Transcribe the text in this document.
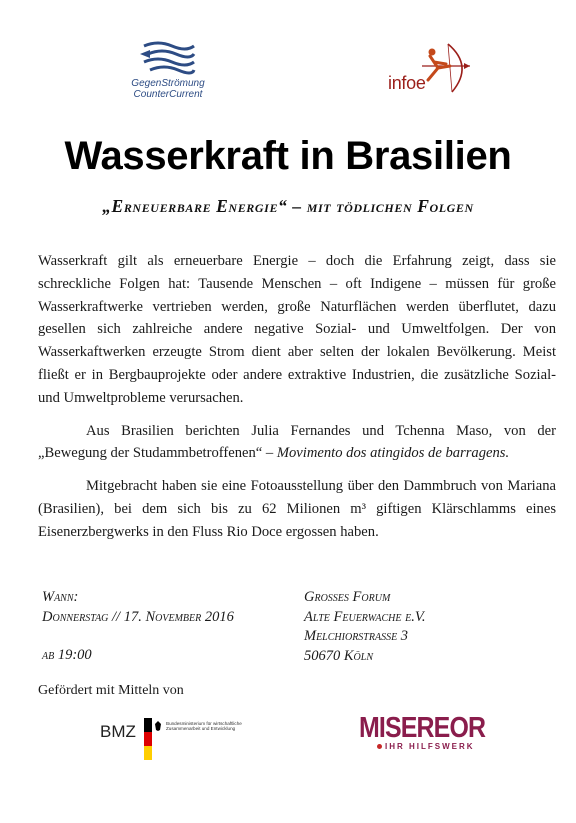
GegenStrömung
CounterCurrent
infoe
Wasserkraft in Brasilien
„Erneuerbare Energie“ – mit tödlichen Folgen

Wasserkraft gilt als erneuerbare Energie – doch die Erfahrung zeigt, dass sie schreckliche Folgen hat: Tausende Menschen – oft Indigene – müssen für große Wasserkraftwerke vertrieben werden, große Naturflächen werden überflutet, dazu gesellen sich zahlreiche andere negative Sozial- und Umweltfolgen. Der von Wasserkaftwerken erzeugte Strom dient aber selten der lokalen Bevölkerung. Meist fließt er in Bergbauprojekte oder andere extraktive Industrien, die zusätzliche Sozial- und Umweltprobleme verursachen.

Aus Brasilien berichten Julia Fernandes und Tchenna Maso, von der „Bewegung der Studammbetroffenen“ – Movimento dos atingidos de barragens.

Mitgebracht haben sie eine Fotoausstellung über den Dammbruch von Mariana (Brasilien), bei dem sich bis zu 62 Milionen m³ giftigen Klärschlamms eines Eisenerzbergwerks in den Fluss Rio Doce ergossen haben.

Wann:
Donnerstag // 17. November 2016
ab 19:00
Grosses Forum
Alte Feuerwache e.V.
Melchiorstrasse 3
50670 Köln
Gefördert mit Mitteln von
BMZ	Bundesministerium für wirtschaftliche Zusammenarbeit und Entwicklung	MISEREOR
IHR HILFSWERK
